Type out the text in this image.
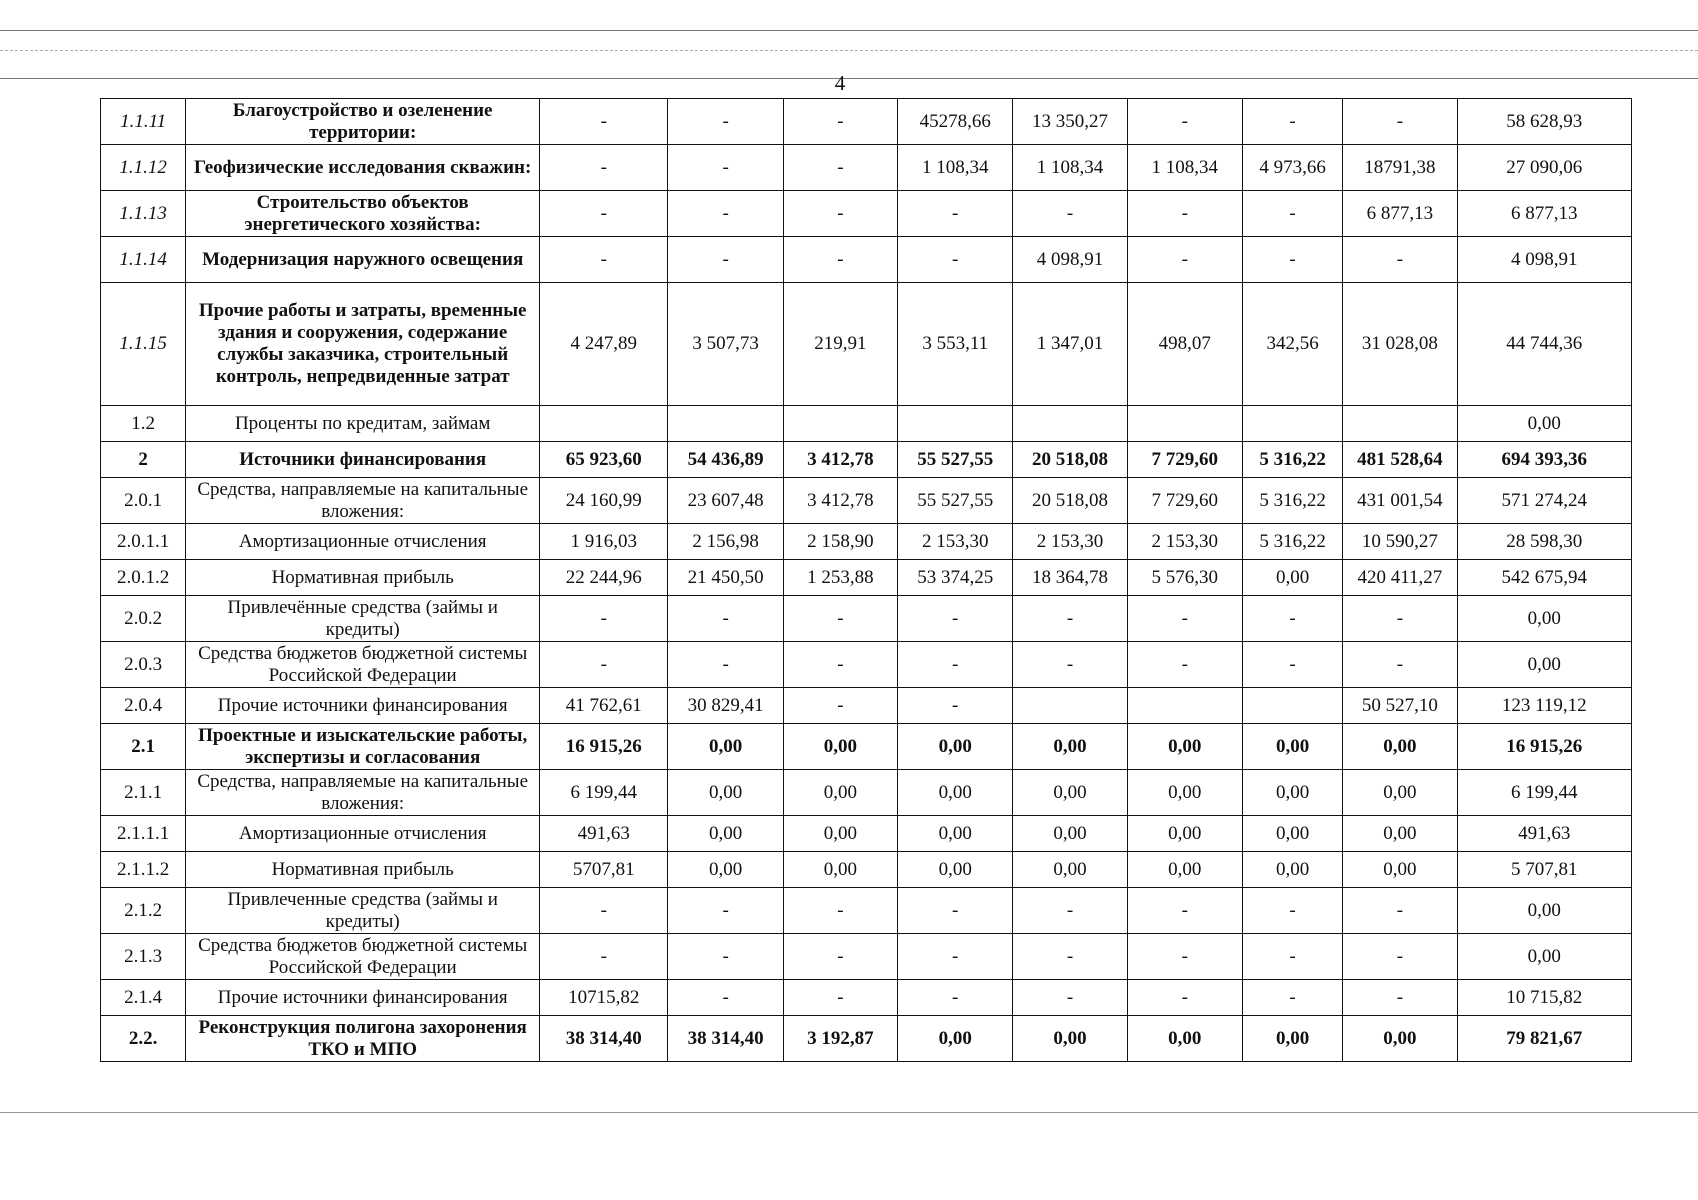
4
1.1.11	Благоустройство и озеленение территории:	-	-	-	45278,66	13 350,27	-	-	-	58 628,93
1.1.12	Геофизические исследования скважин:	-	-	-	1 108,34	1 108,34	1 108,34	4 973,66	18791,38	27 090,06
1.1.13	Строительство объектов энергетического хозяйства:	-	-	-	-	-	-	-	6 877,13	6 877,13
1.1.14	Модернизация наружного освещения	-	-	-	-	4 098,91	-	-	-	4 098,91
1.1.15	Прочие работы и затраты, временные здания и сооружения, содержание службы заказчика, строительный контроль, непредвиденные затрат	4 247,89	3 507,73	219,91	3 553,11	1 347,01	498,07	342,56	31 028,08	44 744,36
1.2	Проценты по кредитам, займам									0,00
2	Источники финансирования	65 923,60	54 436,89	3 412,78	55 527,55	20 518,08	7 729,60	5 316,22	481 528,64	694 393,36
2.0.1	Средства, направляемые на капитальные вложения:	24 160,99	23 607,48	3 412,78	55 527,55	20 518,08	7 729,60	5 316,22	431 001,54	571 274,24
2.0.1.1	Амортизационные отчисления	1 916,03	2 156,98	2 158,90	2 153,30	2 153,30	2 153,30	5 316,22	10 590,27	28 598,30
2.0.1.2	Нормативная прибыль	22 244,96	21 450,50	1 253,88	53 374,25	18 364,78	5 576,30	0,00	420 411,27	542 675,94
2.0.2	Привлечённые средства (займы и кредиты)	-	-	-	-	-	-	-	-	0,00
2.0.3	Средства бюджетов бюджетной системы Российской Федерации	-	-	-	-	-	-	-	-	0,00
2.0.4	Прочие источники финансирования	41 762,61	30 829,41	-	-				50 527,10	123 119,12
2.1	Проектные и изыскательские работы, экспертизы и согласования	16 915,26	0,00	0,00	0,00	0,00	0,00	0,00	0,00	16 915,26
2.1.1	Средства, направляемые на капитальные вложения:	6 199,44	0,00	0,00	0,00	0,00	0,00	0,00	0,00	6 199,44
2.1.1.1	Амортизационные отчисления	491,63	0,00	0,00	0,00	0,00	0,00	0,00	0,00	491,63
2.1.1.2	Нормативная прибыль	5707,81	0,00	0,00	0,00	0,00	0,00	0,00	0,00	5 707,81
2.1.2	Привлеченные средства (займы и кредиты)	-	-	-	-	-	-	-	-	0,00
2.1.3	Средства бюджетов бюджетной системы Российской Федерации	-	-	-	-	-	-	-	-	0,00
2.1.4	Прочие источники финансирования	10715,82	-	-	-	-	-	-	-	10 715,82
2.2.	Реконструкция полигона захоронения ТКО и МПО	38 314,40	38 314,40	3 192,87	0,00	0,00	0,00	0,00	0,00	79 821,67
